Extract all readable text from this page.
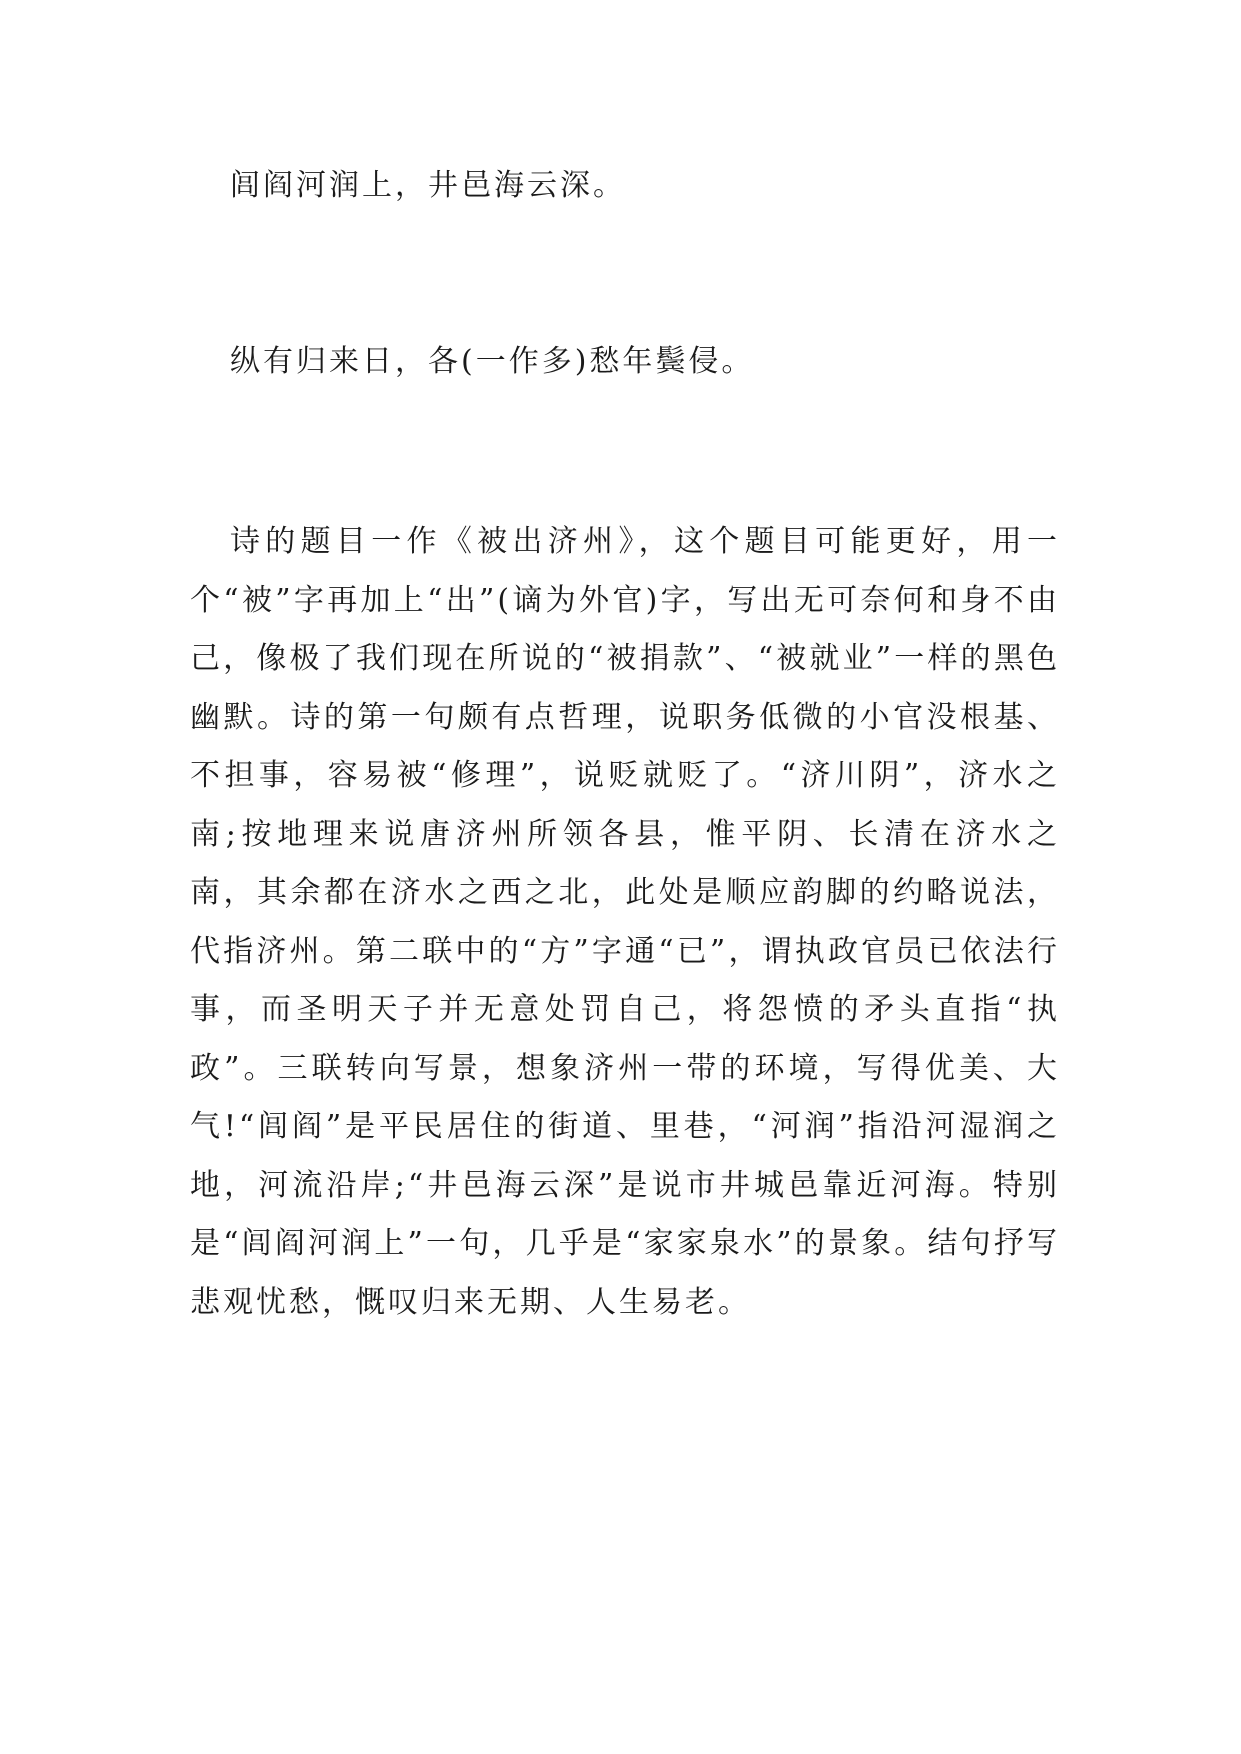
闾阎河润上，井邑海云深。

纵有归来日，各(一作多)愁年鬓侵。

诗的题目一作《被出济州》，这个题目可能更好，用一个“被”字再加上“出”(谪为外官)字，写出无可奈何和身不由己，像极了我们现在所说的“被捐款”、“被就业”一样的黑色幽默。诗的第一句颇有点哲理，说职务低微的小官没根基、不担事，容易被“修理”，说贬就贬了。“济川阴”，济水之南;按地理来说唐济州所领各县，惟平阴、长清在济水之南，其余都在济水之西之北，此处是顺应韵脚的约略说法，代指济州。第二联中的“方”字通“已”，谓执政官员已依法行事，而圣明天子并无意处罚自己，将怨愤的矛头直指“执政”。三联转向写景，想象济州一带的环境，写得优美、大气!“闾阎”是平民居住的街道、里巷，“河润”指沿河湿润之地，河流沿岸;“井邑海云深”是说市井城邑靠近河海。特别是“闾阎河润上”一句，几乎是“家家泉水”的景象。结句抒写悲观忧愁，慨叹归来无期、人生易老。
